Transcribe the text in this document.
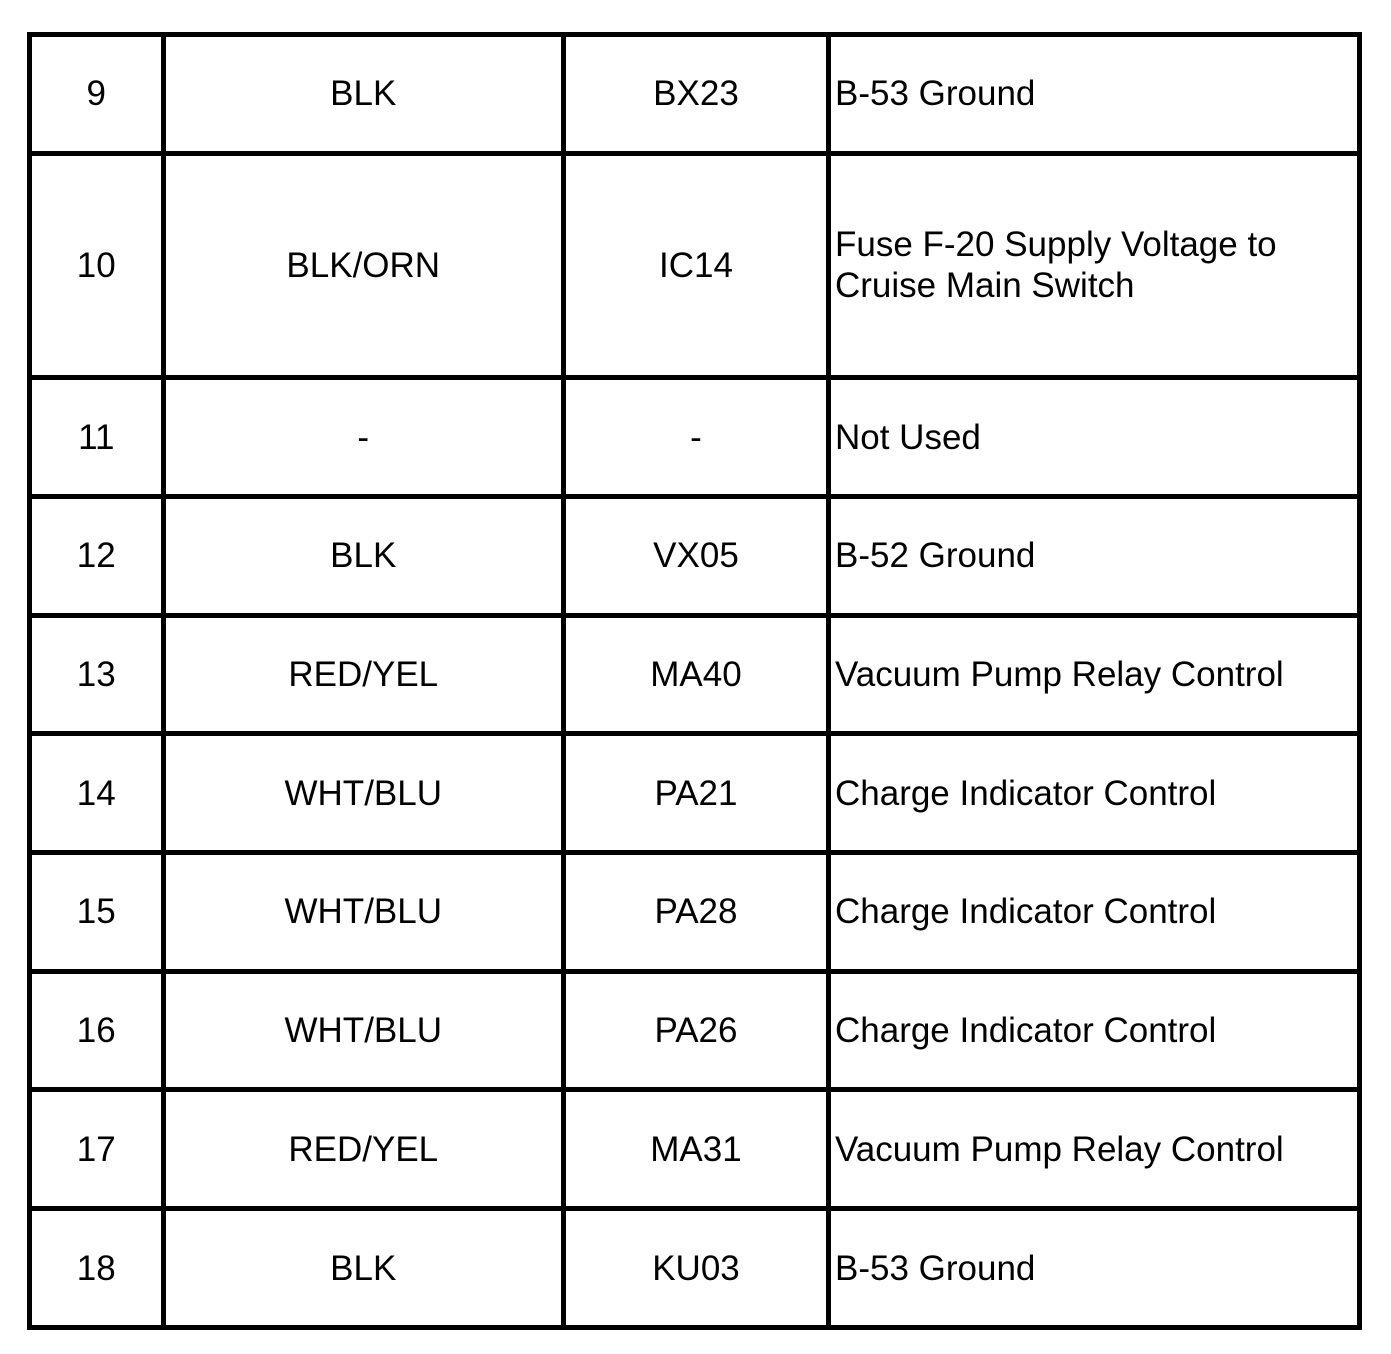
9	BLK	BX23	B-53 Ground
10	BLK/ORN	IC14	Fuse F-20 Supply Voltage to Cruise Main Switch
11	-	-	Not Used
12	BLK	VX05	B-52 Ground
13	RED/YEL	MA40	Vacuum Pump Relay Control
14	WHT/BLU	PA21	Charge Indicator Control
15	WHT/BLU	PA28	Charge Indicator Control
16	WHT/BLU	PA26	Charge Indicator Control
17	RED/YEL	MA31	Vacuum Pump Relay Control
18	BLK	KU03	B-53 Ground
